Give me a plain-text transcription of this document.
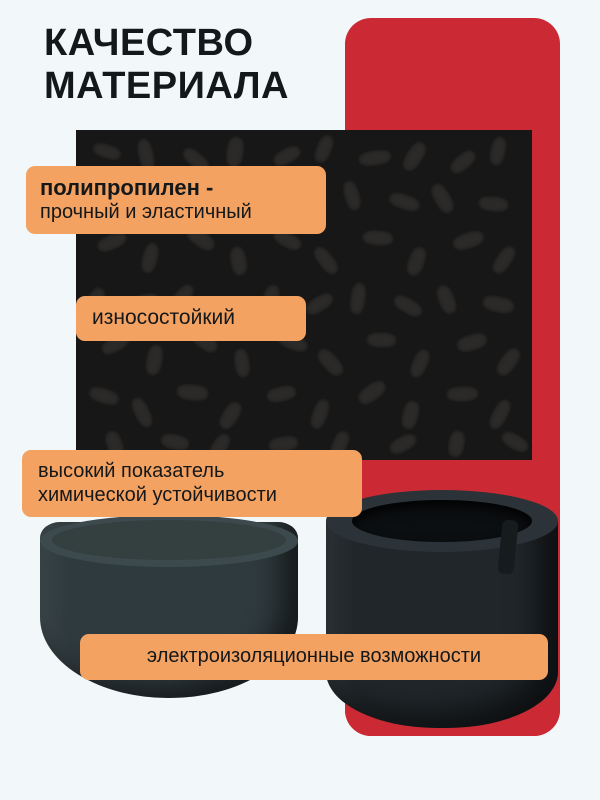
КАЧЕСТВО
МАТЕРИАЛА
полипропилен -
прочный и эластичный
износостойкий
высокий показатель
химической устойчивости
электроизоляционные возможности
